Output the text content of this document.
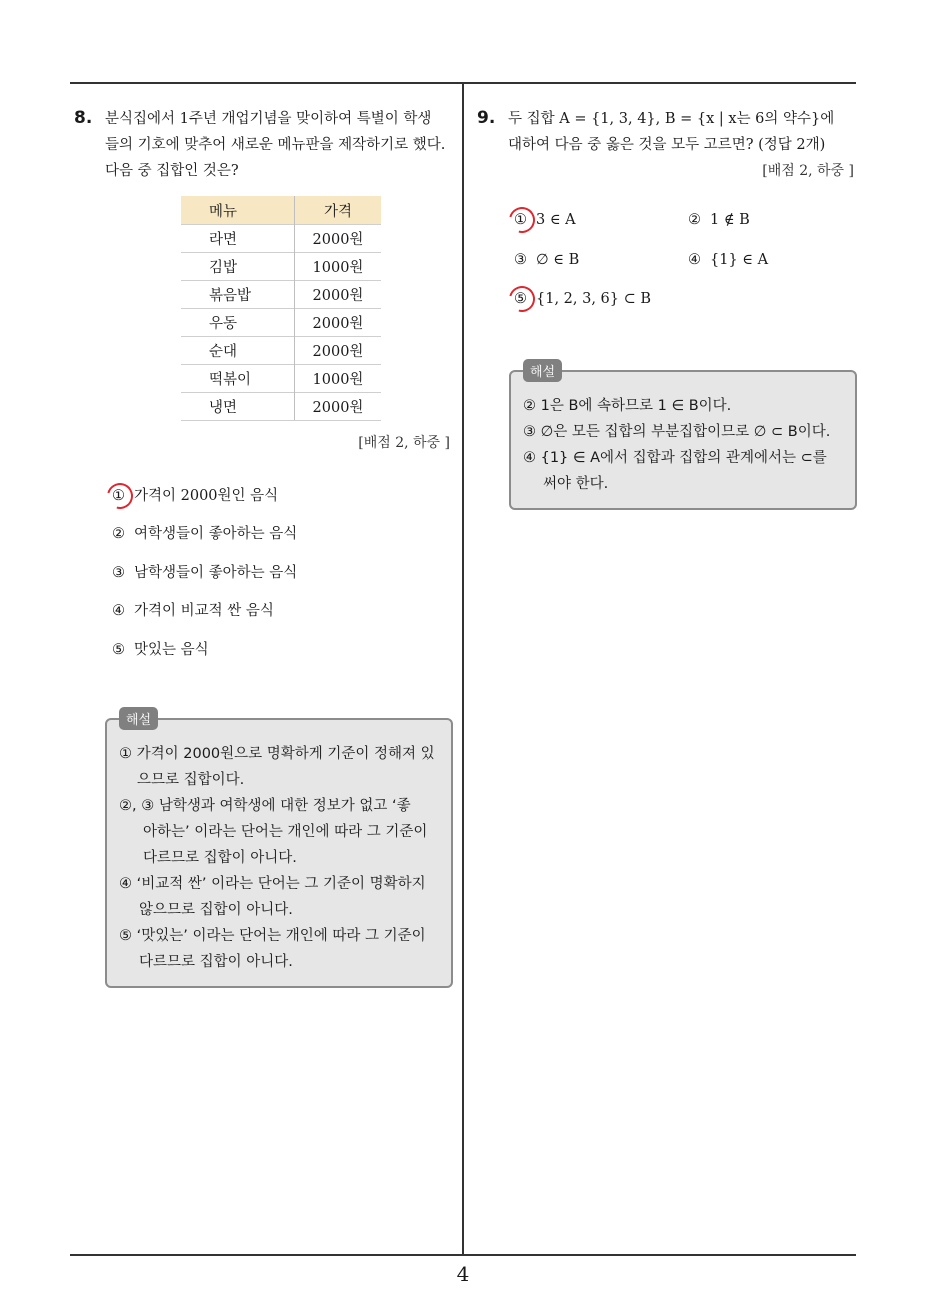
8. 분식집에서 1주년 개업기념을 맞이하여 특별이 학생
들의 기호에 맞추어 새로운 메뉴판을 제작하기로 했다.
다음 중 집합인 것은?
메뉴	가격
라면	2000원
김밥	1000원
볶음밥	2000원
우동	2000원
순대	2000원
떡볶이	1000원
냉면	2000원
[배점 2, 하중 ]
① 가격이 2000원인 음식
② 여학생들이 좋아하는 음식
③ 남학생들이 좋아하는 음식
④ 가격이 비교적 싼 음식
⑤ 맛있는 음식
해설
① 가격이 2000원으로 명확하게 기준이 정해져 있
으므로 집합이다.
②, ③ 남학생과 여학생에 대한 정보가 없고 ‘좋
아하는’ 이라는 단어는 개인에 따라 그 기준이
다르므로 집합이 아니다.
④ ‘비교적 싼’ 이라는 단어는 그 기준이 명확하지
않으므로 집합이 아니다.
⑤ ‘맛있는’ 이라는 단어는 개인에 따라 그 기준이
다르므로 집합이 아니다.
9. 두 집합 A = {1, 3, 4}, B = {x | x는 6의 약수}에
대하여 다음 중 옳은 것을 모두 고르면? (정답 2개)
[배점 2, 하중 ]
① 3 ∈ A	② 1 ∉ B
③ ∅ ∈ B	④ {1} ∈ A
⑤ {1, 2, 3, 6} ⊂ B
해설
② 1은 B에 속하므로 1 ∈ B이다.
③ ∅은 모든 집합의 부분집합이므로 ∅ ⊂ B이다.
④ {1} ∈ A에서 집합과 집합의 관계에서는 ⊂를
써야 한다.
4
